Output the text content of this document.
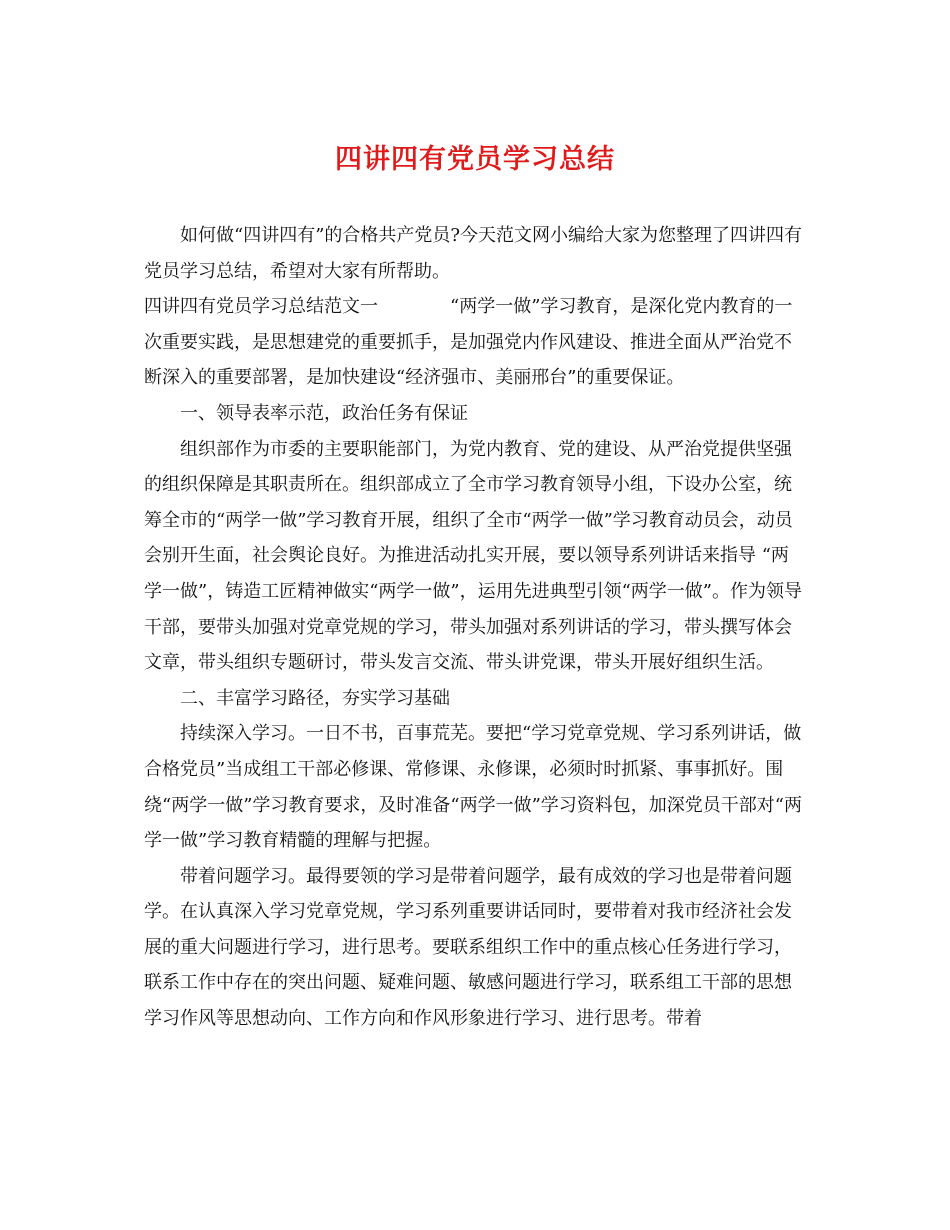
四讲四有党员学习总结

如何做“四讲四有”的合格共产党员?今天范文网小编给大家为您整理了四讲四有党员学习总结，希望对大家有所帮助。

四讲四有党员学习总结范文一	“两学一做”学习教育，是深化党内教育的一次重要实践，是思想建党的重要抓手，是加强党内作风建设、推进全面从严治党不断深入的重要部署，是加快建设“经济强市、美丽邢台”的重要保证。

一、领导表率示范，政治任务有保证

组织部作为市委的主要职能部门，为党内教育、党的建设、从严治党提供坚强的组织保障是其职责所在。组织部成立了全市学习教育领导小组，下设办公室，统筹全市的“两学一做”学习教育开展，组织了全市“两学一做”学习教育动员会，动员会别开生面，社会舆论良好。为推进活动扎实开展，要以领导系列讲话来指导 “两学一做”，铸造工匠精神做实“两学一做”，运用先进典型引领“两学一做”。作为领导干部，要带头加强对党章党规的学习，带头加强对系列讲话的学习，带头撰写体会文章，带头组织专题研讨，带头发言交流、带头讲党课，带头开展好组织生活。

二、丰富学习路径，夯实学习基础

持续深入学习。一日不书，百事荒芜。要把“学习党章党规、学习系列讲话，做合格党员”当成组工干部必修课、常修课、永修课，必须时时抓紧、事事抓好。围绕“两学一做”学习教育要求，及时准备“两学一做”学习资料包，加深党员干部对“两学一做”学习教育精髓的理解与把握。

带着问题学习。最得要领的学习是带着问题学，最有成效的学习也是带着问题学。在认真深入学习党章党规，学习系列重要讲话同时，要带着对我市经济社会发展的重大问题进行学习，进行思考。要联系组织工作中的重点核心任务进行学习，联系工作中存在的突出问题、疑难问题、敏感问题进行学习，联系组工干部的思想学习作风等思想动向、工作方向和作风形象进行学习、进行思考。带着
